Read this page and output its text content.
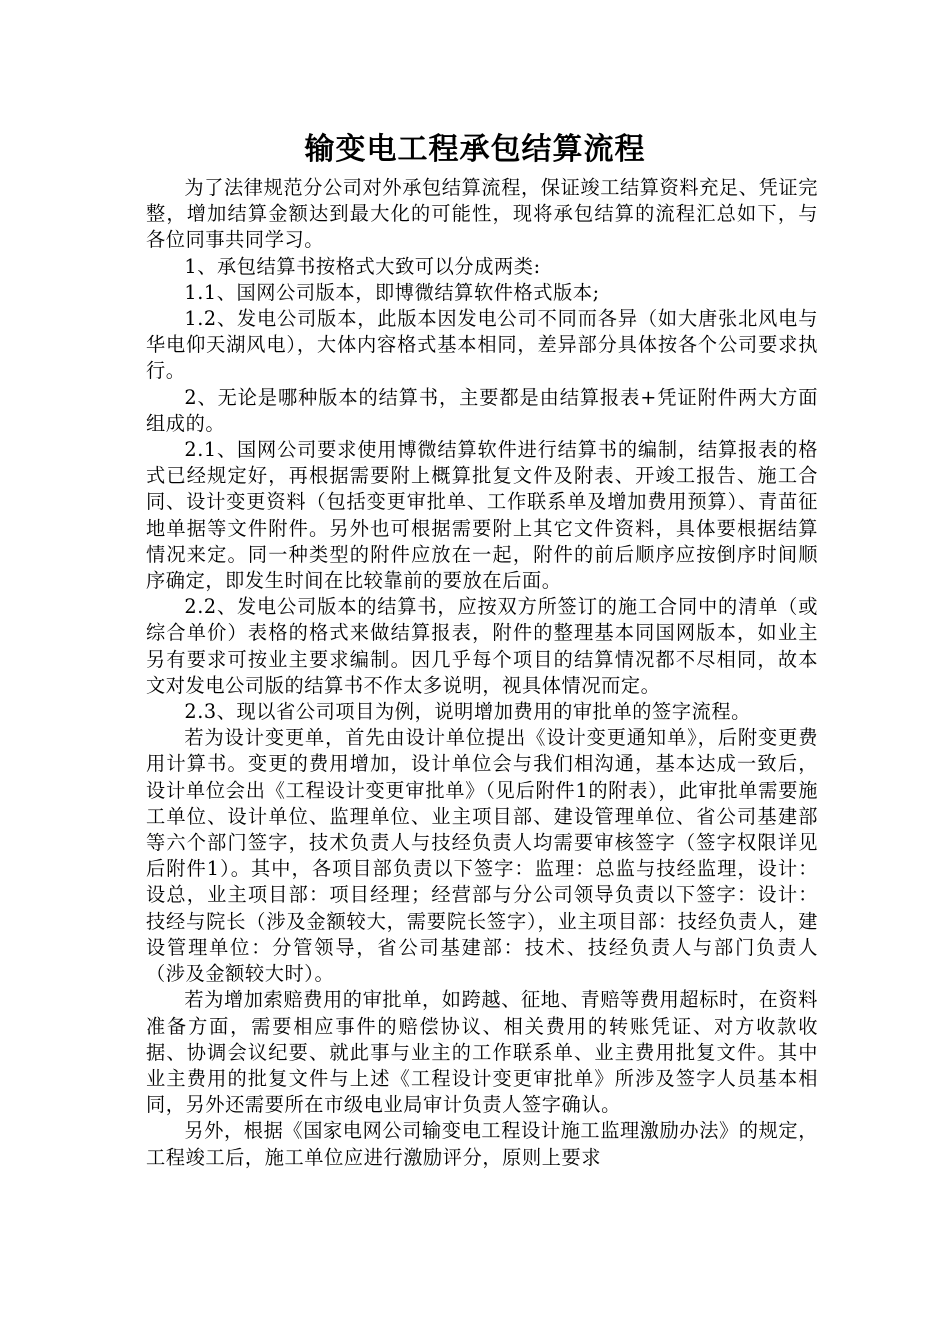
输变电工程承包结算流程

为了法律规范分公司对外承包结算流程，保证竣工结算资料充足、凭证完整，增加结算金额达到最大化的可能性，现将承包结算的流程汇总如下，与各位同事共同学习。

1、承包结算书按格式大致可以分成两类:

1.1、国网公司版本，即博微结算软件格式版本;

1.2、发电公司版本，此版本因发电公司不同而各异（如大唐张北风电与华电仰天湖风电），大体内容格式基本相同，差异部分具体按各个公司要求执行。

2、无论是哪种版本的结算书，主要都是由结算报表+凭证附件两大方面组成的。

2.1、国网公司要求使用博微结算软件进行结算书的编制，结算报表的格式已经规定好，再根据需要附上概算批复文件及附表、开竣工报告、施工合同、设计变更资料（包括变更审批单、工作联系单及增加费用预算）、青苗征地单据等文件附件。另外也可根据需要附上其它文件资料，具体要根据结算情况来定。同一种类型的附件应放在一起，附件的前后顺序应按倒序时间顺序确定，即发生时间在比较靠前的要放在后面。

2.2、发电公司版本的结算书，应按双方所签订的施工合同中的清单（或综合单价）表格的格式来做结算报表，附件的整理基本同国网版本，如业主另有要求可按业主要求编制。因几乎每个项目的结算情况都不尽相同，故本文对发电公司版的结算书不作太多说明，视具体情况而定。

2.3、现以省公司项目为例，说明增加费用的审批单的签字流程。

若为设计变更单，首先由设计单位提出《设计变更通知单》，后附变更费用计算书。变更的费用增加，设计单位会与我们相沟通，基本达成一致后，设计单位会出《工程设计变更审批单》（见后附件1的附表），此审批单需要施工单位、设计单位、监理单位、业主项目部、建设管理单位、省公司基建部等六个部门签字，技术负责人与技经负责人均需要审核签字（签字权限详见后附件1）。其中，各项目部负责以下签字：监理：总监与技经监理，设计：设总，业主项目部：项目经理；经营部与分公司领导负责以下签字：设计：技经与院长（涉及金额较大，需要院长签字），业主项目部：技经负责人，建设管理单位：分管领导，省公司基建部：技术、技经负责人与部门负责人（涉及金额较大时）。

若为增加索赔费用的审批单，如跨越、征地、青赔等费用超标时，在资料准备方面，需要相应事件的赔偿协议、相关费用的转账凭证、对方收款收据、协调会议纪要、就此事与业主的工作联系单、业主费用批复文件。其中业主费用的批复文件与上述《工程设计变更审批单》所涉及签字人员基本相同，另外还需要所在市级电业局审计负责人签字确认。

另外，根据《国家电网公司输变电工程设计施工监理激励办法》的规定，工程竣工后，施工单位应进行激励评分，原则上要求
